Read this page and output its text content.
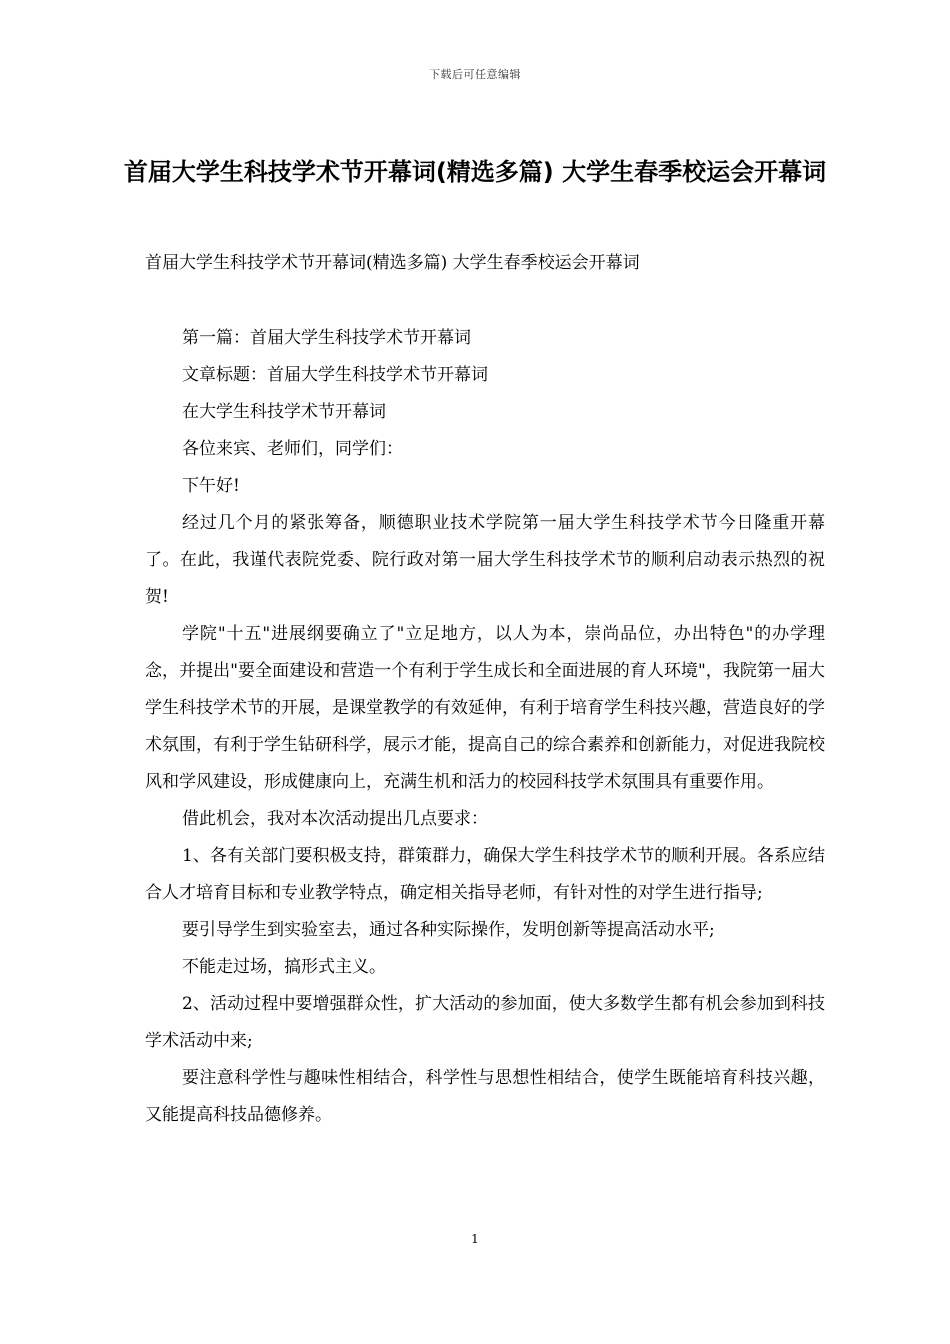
下载后可任意编辑
首届大学生科技学术节开幕词(精选多篇) 大学生春季校运会开幕词

首届大学生科技学术节开幕词(精选多篇) 大学生春季校运会开幕词

第一篇：首届大学生科技学术节开幕词

文章标题：首届大学生科技学术节开幕词

在大学生科技学术节开幕词

各位来宾、老师们，同学们：

下午好!

经过几个月的紧张筹备，顺德职业技术学院第一届大学生科技学术节今日隆重开幕了。在此，我谨代表院党委、院行政对第一届大学生科技学术节的顺利启动表示热烈的祝贺!

学院"十五"进展纲要确立了"立足地方，以人为本，崇尚品位，办出特色"的办学理念，并提出"要全面建设和营造一个有利于学生成长和全面进展的育人环境"，我院第一届大学生科技学术节的开展，是课堂教学的有效延伸，有利于培育学生科技兴趣，营造良好的学术氛围，有利于学生钻研科学，展示才能，提高自己的综合素养和创新能力，对促进我院校风和学风建设，形成健康向上，充满生机和活力的校园科技学术氛围具有重要作用。

借此机会，我对本次活动提出几点要求：

1、各有关部门要积极支持，群策群力，确保大学生科技学术节的顺利开展。各系应结合人才培育目标和专业教学特点，确定相关指导老师，有针对性的对学生进行指导;

要引导学生到实验室去，通过各种实际操作，发明创新等提高活动水平;

不能走过场，搞形式主义。

2、活动过程中要增强群众性，扩大活动的参加面，使大多数学生都有机会参加到科技学术活动中来;

要注意科学性与趣味性相结合，科学性与思想性相结合，使学生既能培育科技兴趣，又能提高科技品德修养。

1
